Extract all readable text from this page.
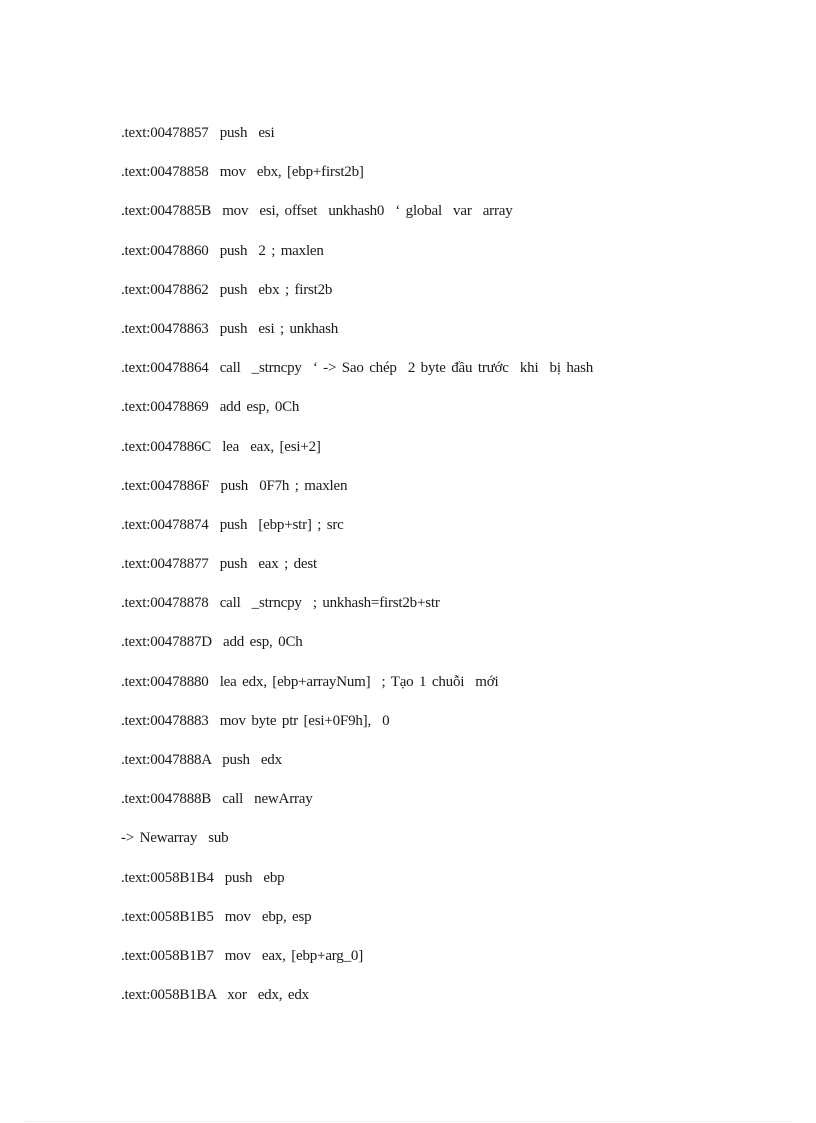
.text:00478857  push  esi
.text:00478858  mov  ebx, [ebp+first2b]
.text:0047885B  mov  esi, offset  unkhash0  ‘ global  var  array
.text:00478860  push  2 ; maxlen
.text:00478862  push  ebx ; first2b
.text:00478863  push  esi ; unkhash
.text:00478864  call  _strncpy  ‘ -> Sao chép  2 byte đầu trước  khi  bị hash
.text:00478869  add esp, 0Ch
.text:0047886C  lea  eax, [esi+2]
.text:0047886F  push  0F7h ; maxlen
.text:00478874  push  [ebp+str] ; src
.text:00478877  push  eax ; dest
.text:00478878  call  _strncpy  ; unkhash=first2b+str
.text:0047887D  add esp, 0Ch
.text:00478880  lea edx, [ebp+arrayNum]  ; Tạo 1 chuỗi  mới
.text:00478883  mov byte ptr [esi+0F9h],  0
.text:0047888A  push  edx
.text:0047888B  call  newArray
-> Newarray  sub
.text:0058B1B4  push  ebp
.text:0058B1B5  mov  ebp, esp
.text:0058B1B7  mov  eax, [ebp+arg_0]
.text:0058B1BA  xor  edx, edx
